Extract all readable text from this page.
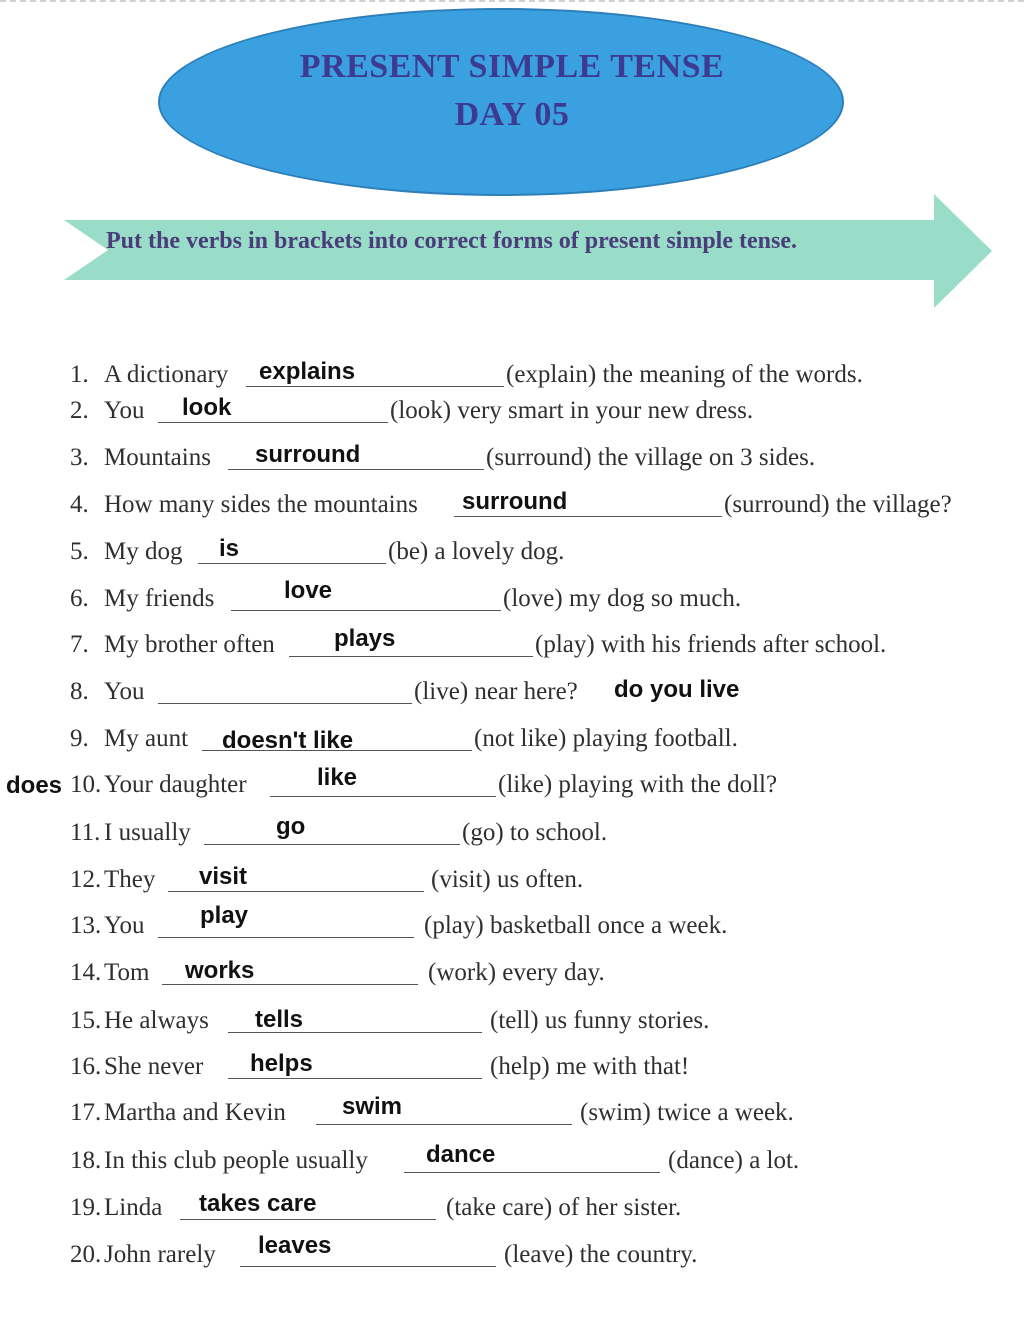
PRESENT SIMPLE TENSE
DAY 05
Put the verbs in brackets into correct forms of present simple tense.
1. A dictionary explains	(explain) the meaning of the words.
2. You look	(look) very smart in your new dress.
3. Mountains surround	(surround) the village on 3 sides.
4. How many sides the mountains surround	(surround) the village?
5. My dog is	(be) a lovely dog.
6. My friends	love	(love) my dog so much.
7. My brother often plays	(play) with his friends after school.
8. You	(live) near here? do you live
9. My aunt doesn't like	(not like) playing football.
does 10. Your daughter	like	(like) playing with the doll?
11. I usually	go	(go) to school.
12. They visit	(visit) us often.
13. You play	(play) basketball once a week.
14. Tom works	(work) every day.
15. He always tells	(tell) us funny stories.
16. She never helps	(help) me with that!
17. Martha and Kevin swim	(swim) twice a week.
18. In this club people usually dance	(dance) a lot.
19. Linda takes care	(take care) of her sister.
20. John rarely leaves	(leave) the country.
